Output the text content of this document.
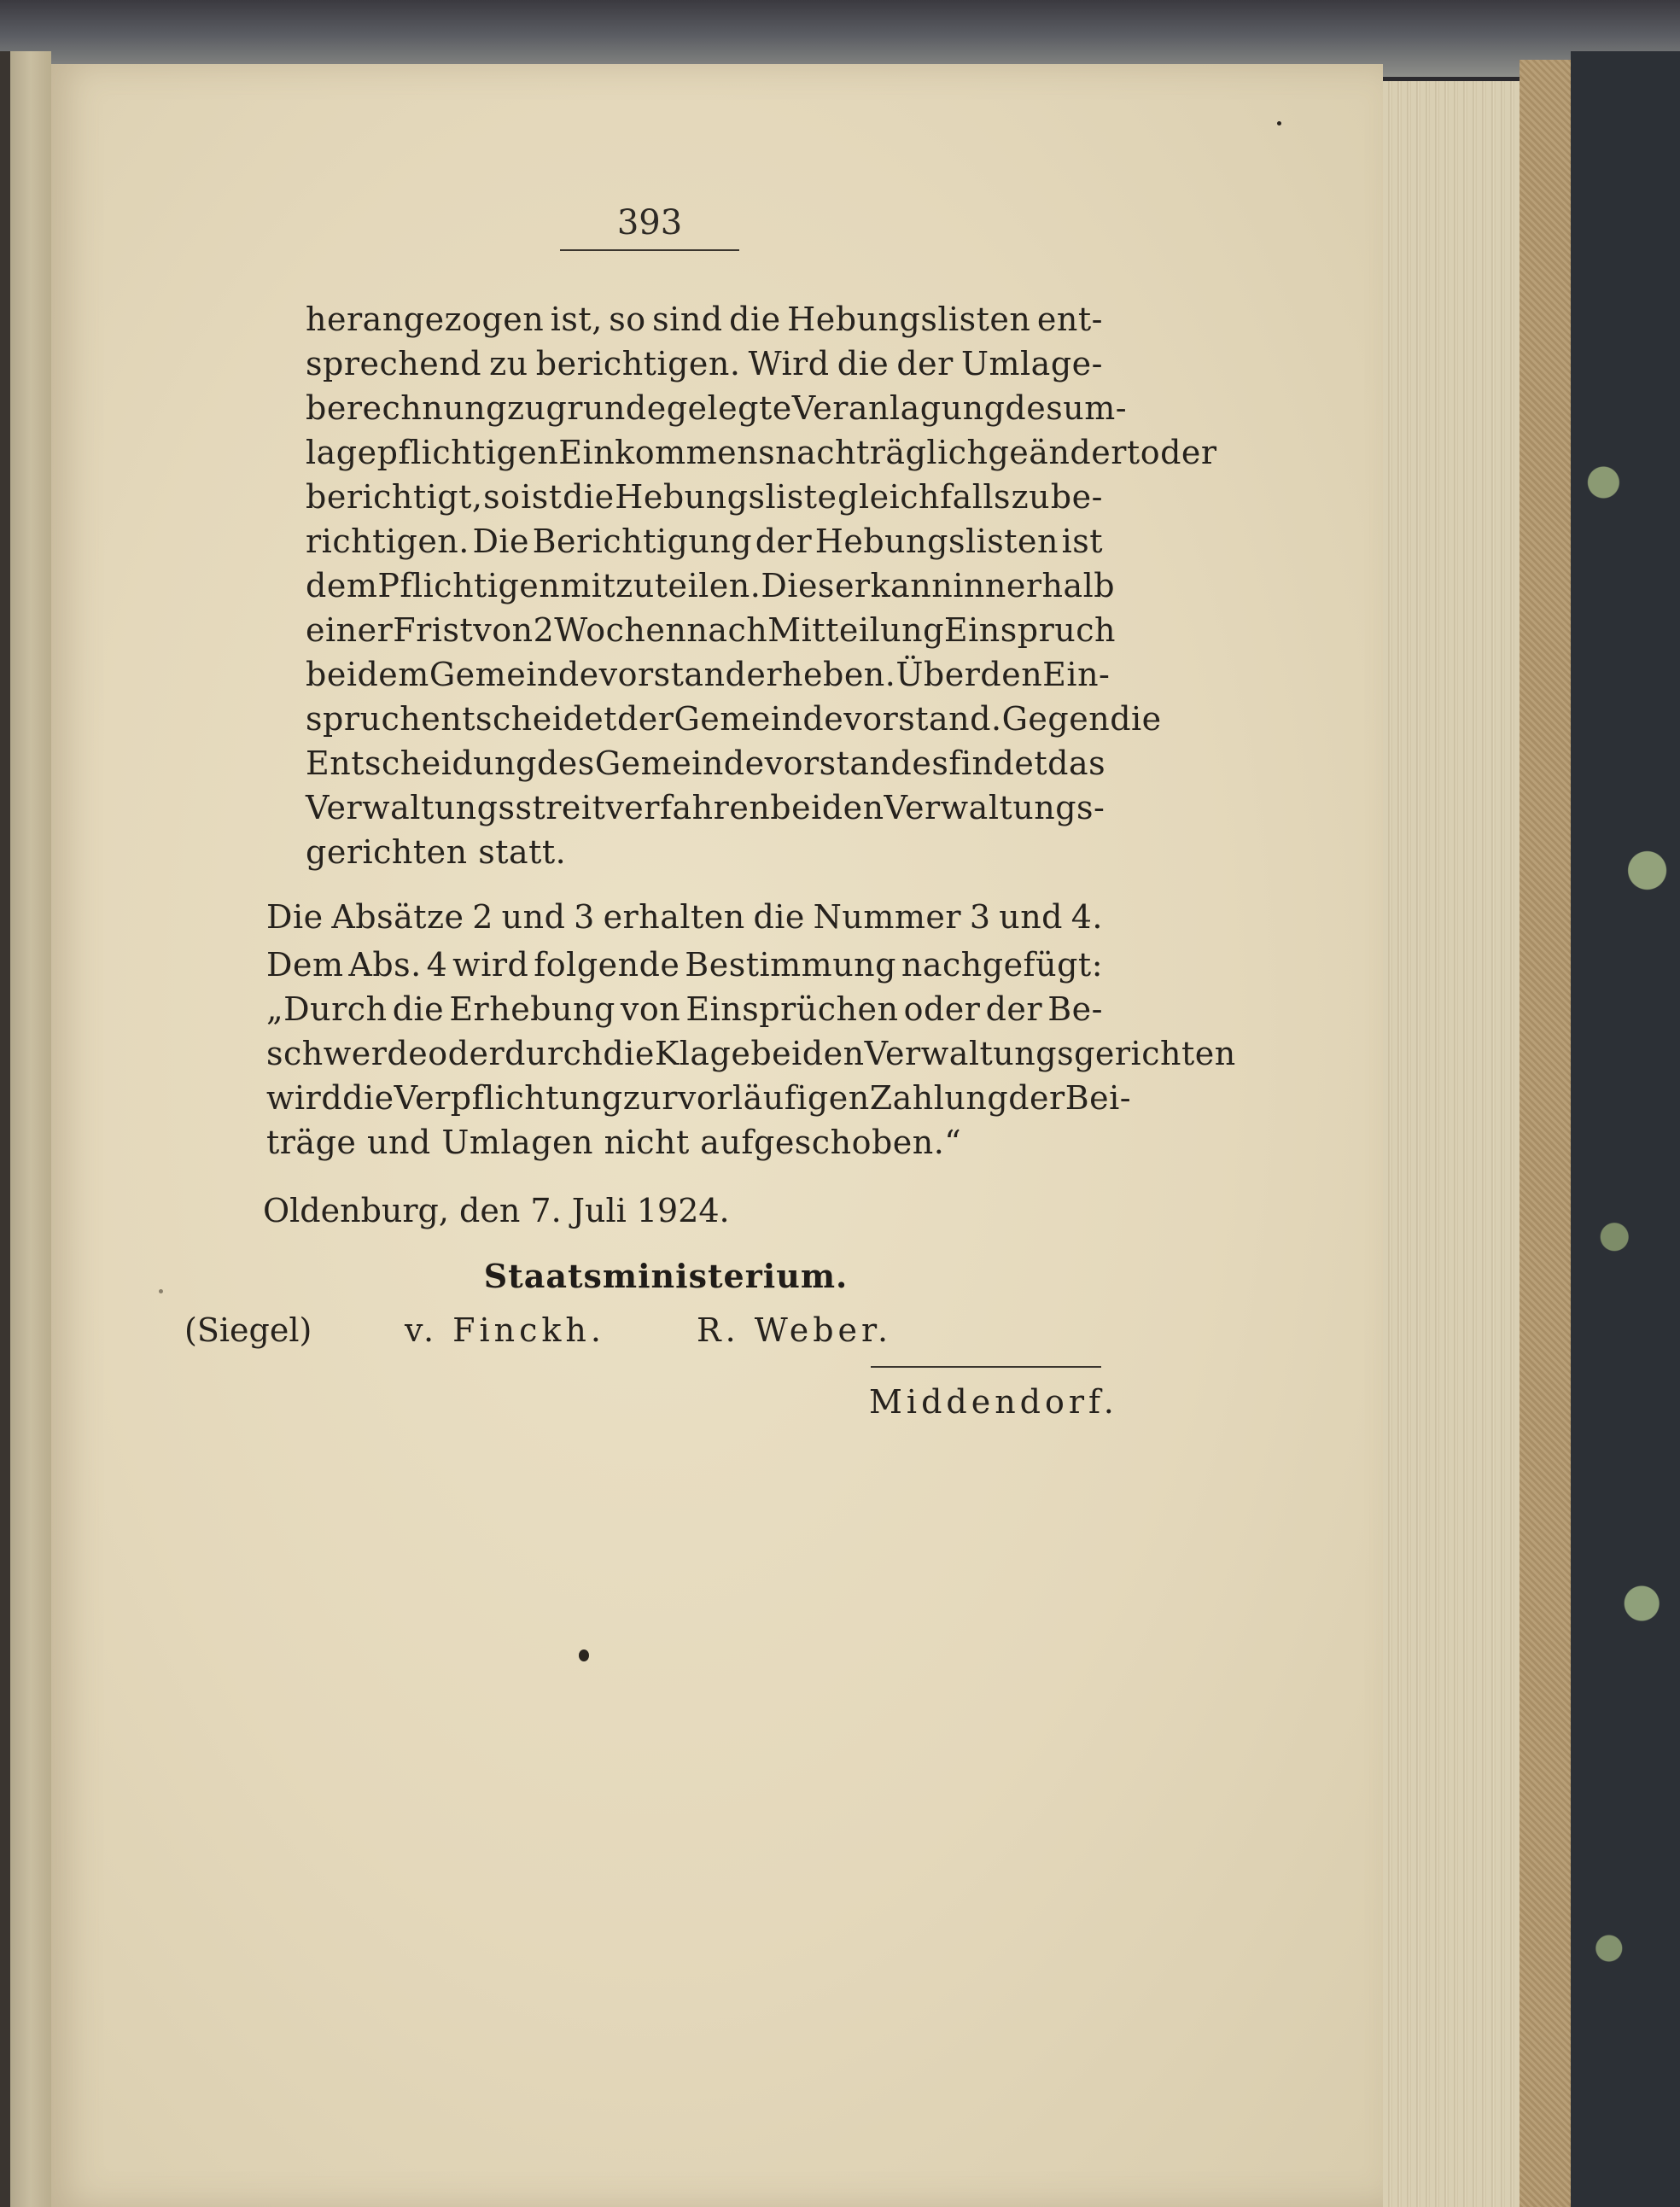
393
herangezogen ist, so sind die Hebungslisten ent-
sprechend zu berichtigen. Wird die der Umlage-
berechnung zugrunde gelegte Veranlagung des um-
lagepflichtigen Einkommens nachträglich geändert oder
berichtigt, so ist die Hebungsliste gleichfalls zu be-
richtigen. Die Berichtigung der Hebungslisten ist
dem Pflichtigen mitzuteilen. Dieser kann innerhalb
einer Frist von 2 Wochen nach Mitteilung Einspruch
bei dem Gemeindevorstand erheben. Über den Ein-
spruch entscheidet der Gemeindevorstand. Gegen die
Entscheidung des Gemeindevorstandes findet das
Verwaltungsstreitverfahren bei den Verwaltungs-
gerichten statt.
Die Absätze 2 und 3 erhalten die Nummer 3 und 4.
Dem Abs. 4 wird folgende Bestimmung nachgefügt:
„Durch die Erhebung von Einsprüchen oder der Be-
schwerde oder durch die Klage bei den Verwaltungsgerichten
wird die Verpflichtung zur vorläufigen Zahlung der Bei-
träge und Umlagen nicht aufgeschoben.“
Oldenburg, den 7. Juli 1924.
Staatsministerium.
(Siegel)	v. Finckh.	R. Weber.
Middendorf.
